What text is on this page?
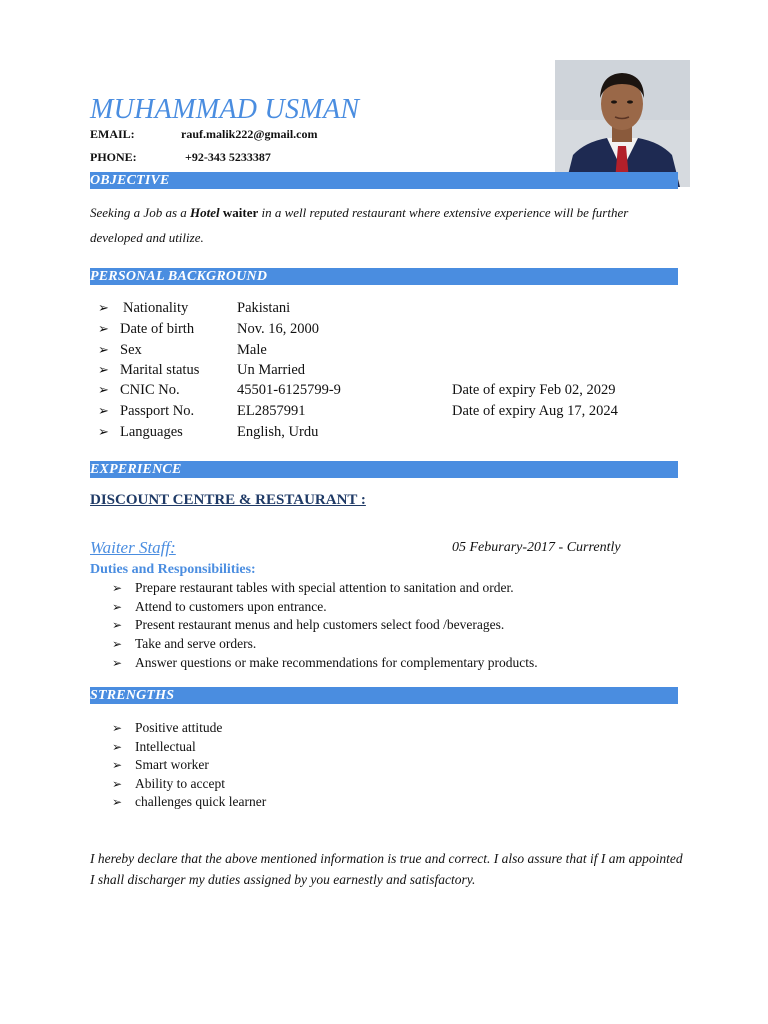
MUHAMMAD USMAN
EMAIL:	rauf.malik222@gmail.com
PHONE:	+92-343 5233387
OBJECTIVE
Seeking a Job as a Hotel waiter in a well reputed restaurant where extensive experience will be further developed and utilize.
PERSONAL BACKGROUND
➢ Nationality	Pakistani
➢ Date of birth	Nov. 16, 2000
➢ Sex	Male
➢ Marital status	Un Married
➢ CNIC No.	45501-6125799-9	Date of expiry Feb 02, 2029
➢ Passport No.	EL2857991	Date of expiry Aug 17, 2024
➢ Languages	English, Urdu
EXPERIENCE
DISCOUNT CENTRE & RESTAURANT :
Waiter Staff:	05 Feburary-2017 - Currently
Duties and Responsibilities:
➢ Prepare restaurant tables with special attention to sanitation and order.
➢ Attend to customers upon entrance.
➢ Present restaurant menus and help customers select food /beverages.
➢ Take and serve orders.
➢ Answer questions or make recommendations for complementary products.
STRENGTHS
➢ Positive attitude
➢ Intellectual
➢ Smart worker
➢ Ability to accept
➢ challenges quick learner
I hereby declare that the above mentioned information is true and correct. I also assure that if I am appointed I shall discharger my duties assigned by you earnestly and satisfactory.
